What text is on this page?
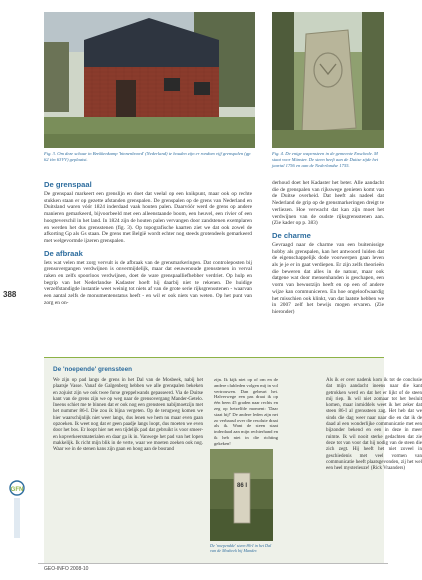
Fig. 3. Om deze schuur in Brekkenkamp 'binnenboord' (Nederland) te houden zijn er rondom vijf grenspalen (gp 62 t/m 63VV) geplaatst.
Fig. 4. De enige wapensteen in de gemeente Enschede. M staat voor Münster. De steen heeft aan de Duitse zijde het jaartal 1756 en aan de Nederlandse 1755.
388
De grenspaal

De grenspaal markeert een grenslijn en doet dat veelal op een knikpunt, maar ook op rechte stukken staan er op gezette afstanden grenspalen. De grenspalen op de grens van Nederland en Duitsland waren vóór 1824 inderdaad vaak houten palen. Daarvóór werd de grens op andere manieren gemarkeerd, bijvoorbeeld met een alleenstaande boom, een heuvel, een rivier of een hoogteverschil in het land. In 1824 zijn de houten palen vervangen door zandstenen exemplaren en werden het dus grensstenen (fig. 3). Op topografische kaarten ziet we dat ook zowel de afkorting Gp als Gs staan. De grens met België wordt echter nog steeds grotendeels gemarkeerd met welgevormde ijzeren grenspalen.

De afbraak

Iets wat velen met zorg vervult is de afbraak van de grensmarkeringen. Dat controleposten bij grensovergangen verdwijnen is onvermijdelijk, maar dat eeuwenoude grensstenen in verval raken en zelfs spoorloos verdwijnen, doet de ware grenspaalliefhebber verdriet. Op hulp en begrip van het Nederlandse Kadaster hoeft hij daarbij niet te rekenen. De huidige verzelfstandigde instantie weet weinig tot niets af van de grote serie rijksgrensstenen - waarvan een aantal zelfs de monumentenstatus heeft - en wil er ook niets van weten. Op het punt van zorg en on-

derhoud doet het Kadaster het beter. Alle aandacht die de grenspalen van rijkswege genieten komt van de Duitse overheid. Dat heeft als nadeel dat Nederland de grip op de grensmarkeringen dreigt te verliezen. Hoe verwacht dat kan zijn moet het verdwijnen van de oudste rijksgrensstenen aan. (Zie kader op p. 383)

De charme

Gevraagd naar de charme van een buitenissige hobby als grenspalen, kan het antwoord luiden dat de eigenschappelijk dode voorwerpen gaan leven als je je er in gaat verdiepen. Er zijn zelfs theorieën die beweren dat alles in de natuur, maar ook datgene wat door mensenhanden is geschapen, een vorm van bewustzijn heeft en op een of andere wijze kan communiceren. En hoe ongeloofwaardig het misschien ook klinkt, van dat laatste hebben we in 2007 zelf het bewijs mogen ervaren. (Zie hieronder)

De 'noepende' grenssteen

We zijn op pad langs de grens in het Dal van de Mosbeek, nabij het plaatsje Vasse. Vanaf de Galgenberg hebben we alle grenspalen bekeken en zojuist zijn we ook twee forse greppelwands gepasseerd. Via de Duitse kant van de grens zijn we op weg naar de grensovergang Mander-Getelo. Ineens schiet me te binnen dat er ook nog een grensteen nabijmoetzijn met het nummer 86-I. Die zou ik bijna vergeten. Op de terugweg komen we hier waarschijnlijk niet weer langs, dus lenen we hem nu maar even gaan opzoeken. Ik weet nog dat er geen paadje langs loopt, dus moeten we even door het bos. Er loopt hier net een tijdelijk pad dat gebruikt is voor smeer- en kopverkeersmaterialen en daar ga ik in. Vanwege het pad van het lopen makkelijk. Ik richt mijn blik in de verte, waar we moeten zoeken ook nog. Waar we in de stenen kans zijn gaan en hoog aan de bosrand

Als ik er over nadenk kom ik tot de conclusie dat mijn aandacht ineens naar die kant getrokken werd en dat het er lijkt of de steen mij riep. Ik wil niet zomaar tot het besluit komen, maar inmiddels weet ik het zeker dat steen 86-I al grenssteen zag. Het heb dat we sinds die dag weer naar naar die en dat ik de daad al een wonderlijke communicatie met een bijzonder bekend en een in deze in meer ruimte. Ik wil nooit sterke gedachten dat zie deze tot van voor dat hij nodig van de steen die zich zegt. Hij heeft het niet zoveel in geschiedenis met veel vormen van communicatie heeft plaatsgevonden, zij het wel een heel mysterieuze! (Rick Vraanders)

zijn. Ik kijk niet op of om en de andere clubleden volgen mij in vol vertrouwen. Dan gebeurt het. Halverwege een pas draai ik op één been 45 graden naar rechts en zeg op hetzelfde moment: 'Daar staat hij!' De andere leden zijn net zo verbaasd over die resolute draai als ik. Want de steen staat inderdaad aan mijn rechterhand en ik heb niet in die richting gekeken!

86 I
De 'noependde' steen 86-I in het Dal van de Mosbeek bij Mander.
GFN
GEO-INFO 2008-10
